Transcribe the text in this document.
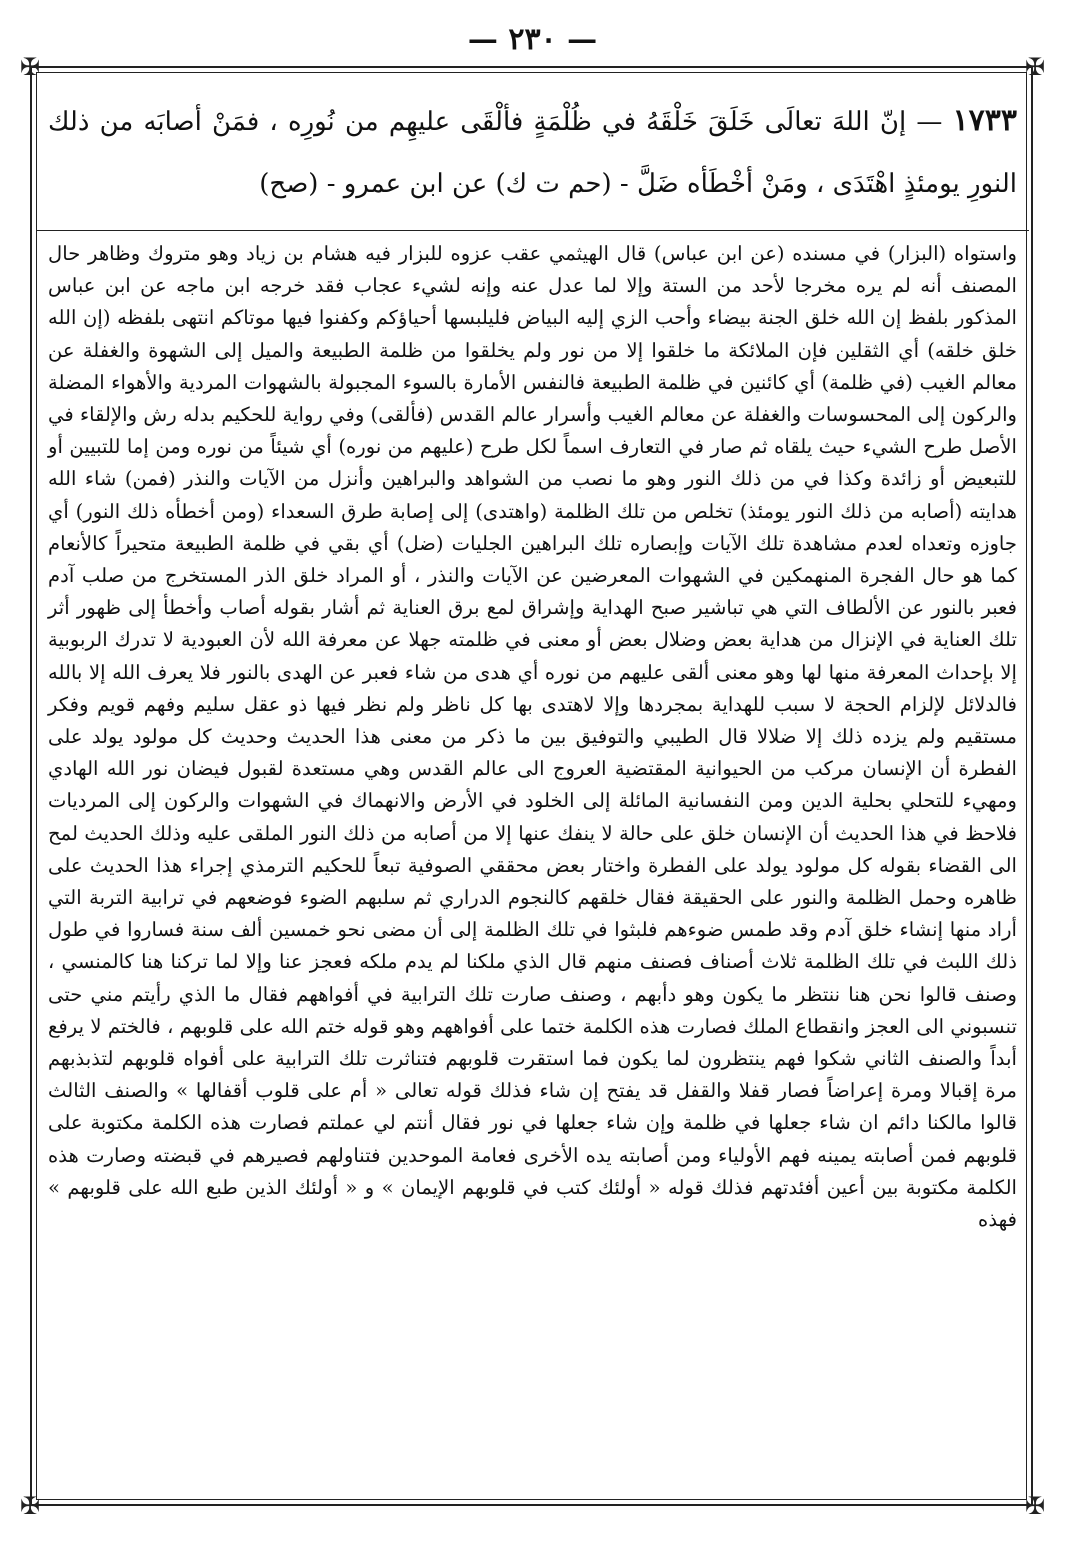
— ٢٣٠ —
✠	✠
✠	✠
١٧٣٣ — إنّ اللهَ تعالَى خَلَقَ خَلْقَهُ في ظُلْمَةٍ فألْقَى عليهِم من نُورِه ، فمَنْ أصابَه من ذلك النورِ يومئذٍ اهْتَدَى ، ومَنْ أخْطَأه ضَلَّ - (حم ت ك) عن ابن عمرو - (صح)

واستواه (البزار) في مسنده (عن ابن عباس) قال الهيثمي عقب عزوه للبزار فيه هشام بن زياد وهو متروك وظاهر حال المصنف أنه لم يره مخرجا لأحد من الستة وإلا لما عدل عنه وإنه لشيء عجاب فقد خرجه ابن ماجه عن ابن عباس المذكور بلفظ إن الله خلق الجنة بيضاء وأحب الزي إليه البياض فليلبسها أحياؤكم وكفنوا فيها موتاكم انتهى بلفظه (إن الله خلق خلقه) أي الثقلين فإن الملائكة ما خلقوا إلا من نور ولم يخلقوا من ظلمة الطبيعة والميل إلى الشهوة والغفلة عن معالم الغيب (في ظلمة) أي كائنين في ظلمة الطبيعة فالنفس الأمارة بالسوء المجبولة بالشهوات المردية والأهواء المضلة والركون إلى المحسوسات والغفلة عن معالم الغيب وأسرار عالم القدس (فألقى) وفي رواية للحكيم بدله رش والإلقاء في الأصل طرح الشيء حيث يلقاه ثم صار في التعارف اسماً لكل طرح (عليهم من نوره) أي شيئاً من نوره ومن إما للتبيين أو للتبعيض أو زائدة وكذا في من ذلك النور وهو ما نصب من الشواهد والبراهين وأنزل من الآيات والنذر (فمن) شاء الله هدايته (أصابه من ذلك النور يومئذ) تخلص من تلك الظلمة (واهتدى) إلى إصابة طرق السعداء (ومن أخطأه ذلك النور) أي جاوزه وتعداه لعدم مشاهدة تلك الآيات وإبصاره تلك البراهين الجليات (ضل) أي بقي في ظلمة الطبيعة متحيراً كالأنعام كما هو حال الفجرة المنهمكين في الشهوات المعرضين عن الآيات والنذر ، أو المراد خلق الذر المستخرج من صلب آدم فعبر بالنور عن الألطاف التي هي تباشير صبح الهداية وإشراق لمع برق العناية ثم أشار بقوله أصاب وأخطأ إلى ظهور أثر تلك العناية في الإنزال من هداية بعض وضلال بعض أو معنى في ظلمته جهلا عن معرفة الله لأن العبودية لا تدرك الربوبية إلا بإحداث المعرفة منها لها وهو معنى ألقى عليهم من نوره أي هدى من شاء فعبر عن الهدى بالنور فلا يعرف الله إلا بالله فالدلائل لإلزام الحجة لا سبب للهداية بمجردها وإلا لاهتدى بها كل ناظر ولم نظر فيها ذو عقل سليم وفهم قويم وفكر مستقيم ولم يزده ذلك إلا ضلالا قال الطيبي والتوفيق بين ما ذكر من معنى هذا الحديث وحديث كل مولود يولد على الفطرة أن الإنسان مركب من الحيوانية المقتضية العروج الى عالم القدس وهي مستعدة لقبول فيضان نور الله الهادي ومهيء للتحلي بحلية الدين ومن النفسانية المائلة إلى الخلود في الأرض والانهماك في الشهوات والركون إلى المرديات فلاحظ في هذا الحديث أن الإنسان خلق على حالة لا ينفك عنها إلا من أصابه من ذلك النور الملقى عليه وذلك الحديث لمح الى القضاء بقوله كل مولود يولد على الفطرة واختار بعض محققي الصوفية تبعاً للحكيم الترمذي إجراء هذا الحديث على ظاهره وحمل الظلمة والنور على الحقيقة فقال خلقهم كالنجوم الدراري ثم سلبهم الضوء فوضعهم في ترابية التربة التي أراد منها إنشاء خلق آدم وقد طمس ضوءهم فلبثوا في تلك الظلمة إلى أن مضى نحو خمسين ألف سنة فساروا في طول ذلك اللبث في تلك الظلمة ثلاث أصناف فصنف منهم قال الذي ملكنا لم يدم ملكه فعجز عنا وإلا لما تركنا هنا كالمنسي ، وصنف قالوا نحن هنا ننتظر ما يكون وهو دأبهم ، وصنف صارت تلك الترابية في أفواههم فقال ما الذي رأيتم مني حتى تنسبوني الى العجز وانقطاع الملك فصارت هذه الكلمة ختما على أفواههم وهو قوله ختم الله على قلوبهم ، فالختم لا يرفع أبداً والصنف الثاني شكوا فهم ينتظرون لما يكون فما استقرت قلوبهم فتناثرت تلك الترابية على أفواه قلوبهم لتذبذبهم مرة إقبالا ومرة إعراضاً فصار قفلا والقفل قد يفتح إن شاء فذلك قوله تعالى « أم على قلوب أقفالها » والصنف الثالث قالوا مالكنا دائم ان شاء جعلها في ظلمة وإن شاء جعلها في نور فقال أنتم لي عملتم فصارت هذه الكلمة مكتوبة على قلوبهم فمن أصابته يمينه فهم الأولياء ومن أصابته يده الأخرى فعامة الموحدين فتناولهم فصيرهم في قبضته وصارت هذه الكلمة مكتوبة بين أعين أفئدتهم فذلك قوله « أولئك كتب في قلوبهم الإيمان » و « أولئك الذين طبع الله على قلوبهم » فهذه
